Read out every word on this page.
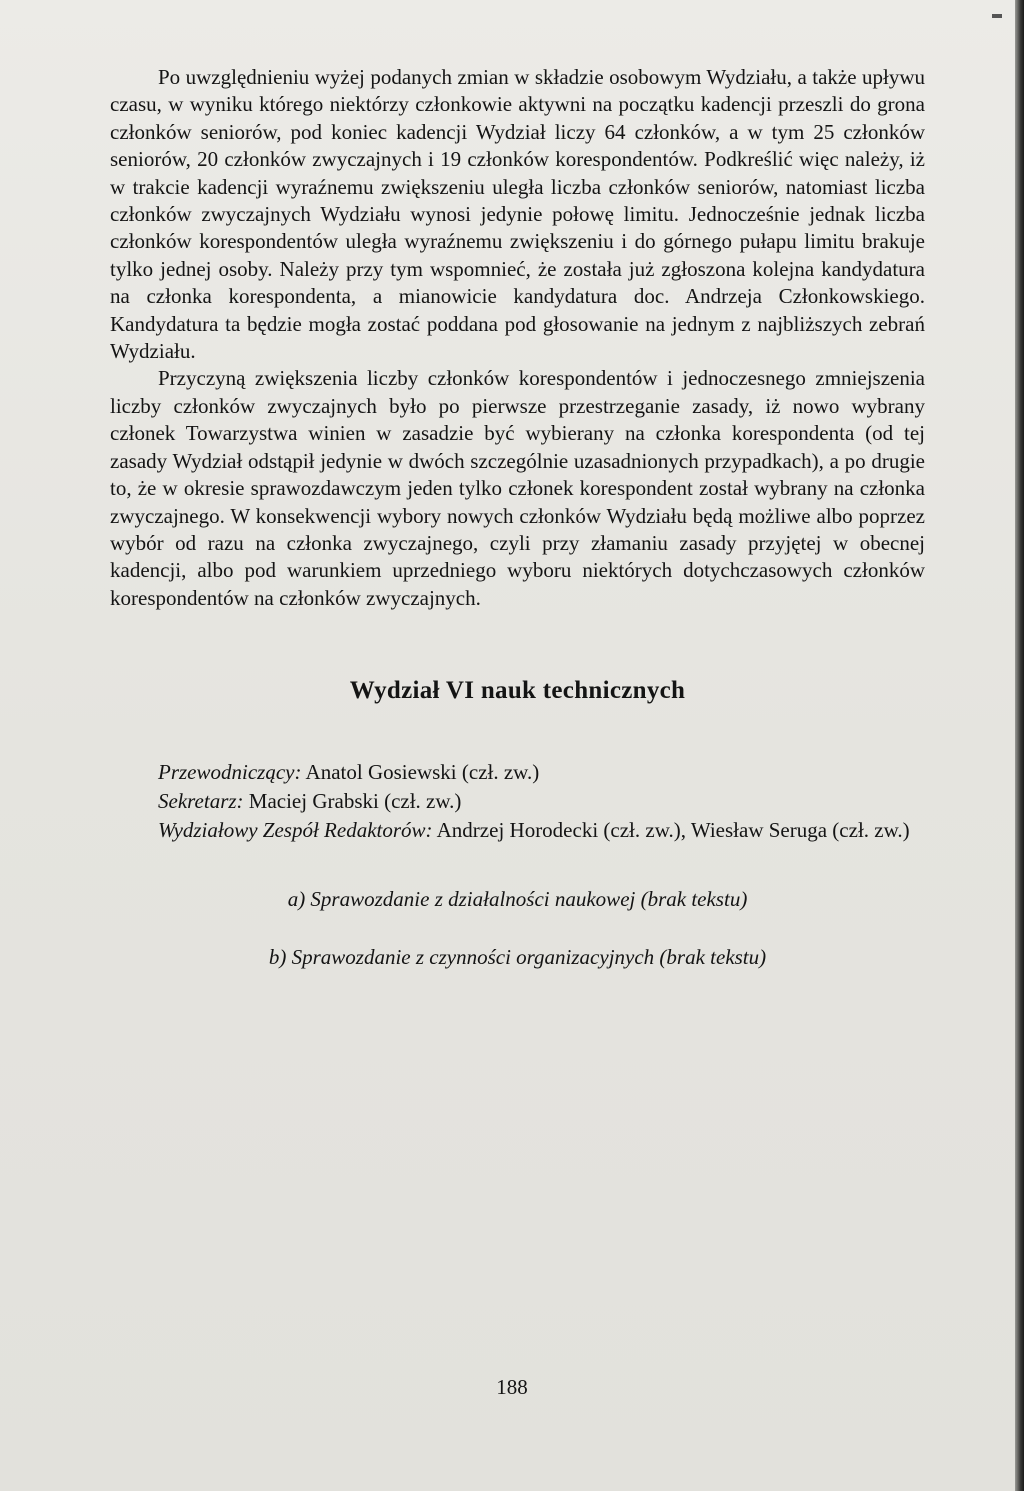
Po uwzględnieniu wyżej podanych zmian w składzie osobowym Wydziału, a także upływu czasu, w wyniku którego niektórzy członkowie aktywni na początku kadencji przeszli do grona członków seniorów, pod koniec kadencji Wydział liczy 64 członków, a w tym 25 członków seniorów, 20 członków zwyczajnych i 19 członków korespondentów. Podkreślić więc należy, iż w trakcie kadencji wyraźnemu zwiększeniu uległa liczba członków seniorów, natomiast liczba członków zwyczajnych Wydziału wynosi jedynie połowę limitu. Jednocześnie jednak liczba członków korespondentów uległa wyraźnemu zwiększeniu i do górnego pułapu limitu brakuje tylko jednej osoby. Należy przy tym wspomnieć, że została już zgłoszona kolejna kandydatura na członka korespondenta, a mianowicie kandydatura doc. Andrzeja Członkowskiego. Kandydatura ta będzie mogła zostać poddana pod głosowanie na jednym z najbliższych zebrań Wydziału.

Przyczyną zwiększenia liczby członków korespondentów i jednoczesnego zmniejszenia liczby członków zwyczajnych było po pierwsze przestrzeganie zasady, iż nowo wybrany członek Towarzystwa winien w zasadzie być wybierany na członka korespondenta (od tej zasady Wydział odstąpił jedynie w dwóch szczególnie uzasadnionych przypadkach), a po drugie to, że w okresie sprawozdawczym jeden tylko członek korespondent został wybrany na członka zwyczajnego. W konsekwencji wybory nowych członków Wydziału będą możliwe albo poprzez wybór od razu na członka zwyczajnego, czyli przy złamaniu zasady przyjętej w obecnej kadencji, albo pod warunkiem uprzedniego wyboru niektórych dotychczasowych członków korespondentów na członków zwyczajnych.

Wydział VI nauk technicznych
Przewodniczący: Anatol Gosiewski (czł. zw.)
Sekretarz: Maciej Grabski (czł. zw.)
Wydziałowy Zespół Redaktorów: Andrzej Horodecki (czł. zw.), Wiesław Seruga (czł. zw.)
a) Sprawozdanie z działalności naukowej (brak tekstu)
b) Sprawozdanie z czynności organizacyjnych (brak tekstu)
188
